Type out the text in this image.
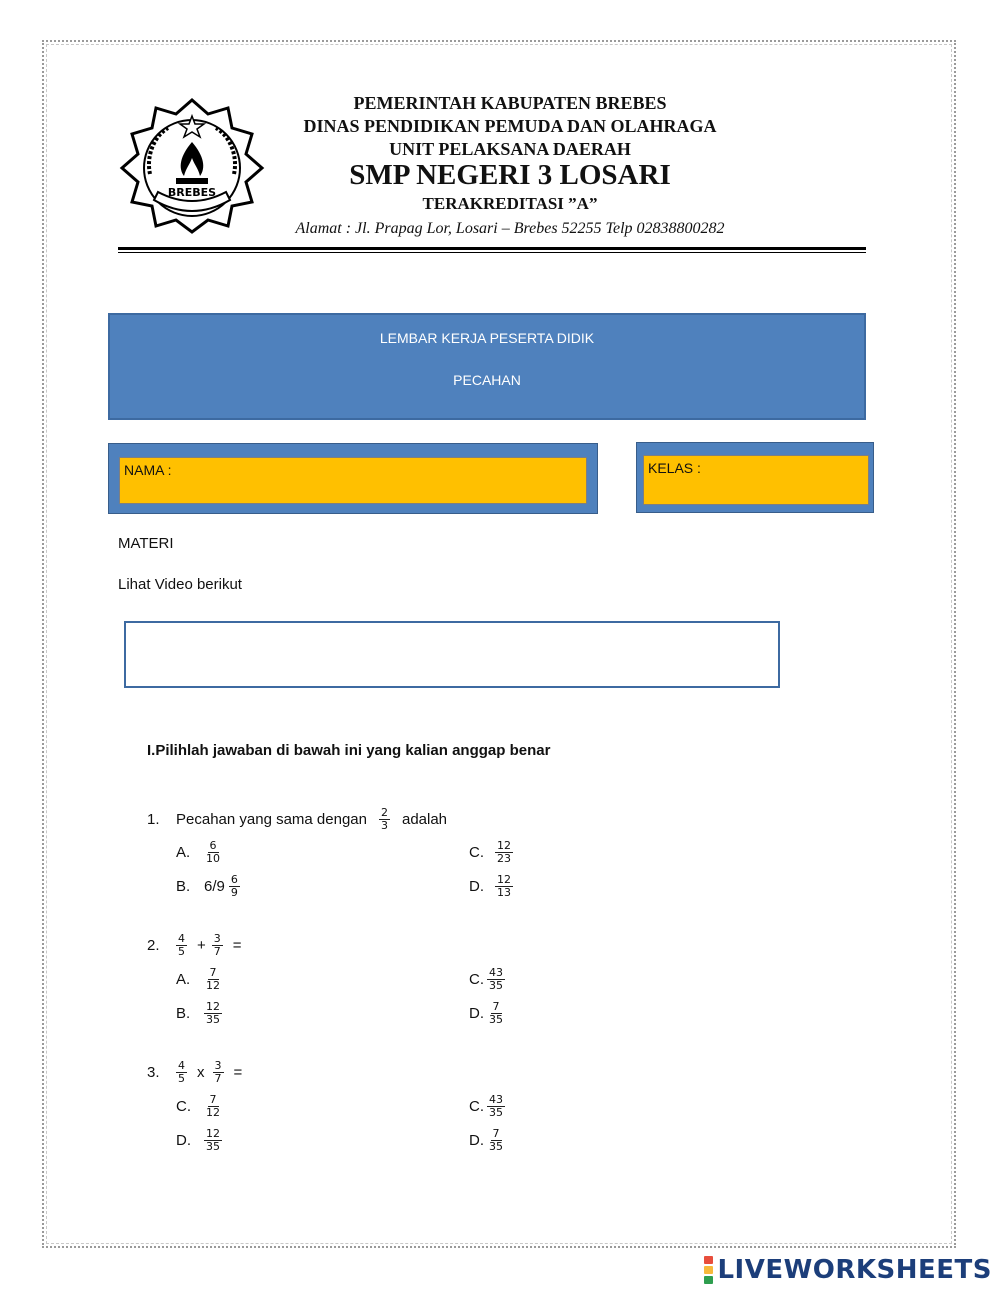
BREBES
PEMERINTAH KABUPATEN BREBES
DINAS PENDIDIKAN PEMUDA DAN OLAHRAGA
UNIT PELAKSANA DAERAH
SMP NEGERI 3 LOSARI
TERAKREDITASI ”A”
Alamat : Jl. Prapag Lor, Losari – Brebes 52255 Telp 02838800282
LEMBAR KERJA PESERTA DIDIK
PECAHAN
NAMA :	KELAS :
MATERI
Lihat Video berikut
I.Pilihlah jawaban di bawah ini yang kalian anggap benar
1.	Pecahan yang sama dengan $\frac{2}{3}$ adalah
A.	$\frac{6}{10}$	C.	$\frac{12}{23}$
B. $6/9 \frac{6}{9}$	D.	$\frac{12}{13}$
2.	$\frac{4}{5} + \frac{3}{7}$ =
A.	$\frac{7}{12}$	C. $\frac{43}{35}$
B.	$\frac{12}{35}$	D. $\frac{7}{35}$
3.	$\frac{4}{5}$ x $\frac{3}{7}$ =
C.	$\frac{7}{12}$	C. $\frac{43}{35}$
D.	$\frac{12}{35}$	D. $\frac{7}{35}$
LIVEWORKSHEETS
